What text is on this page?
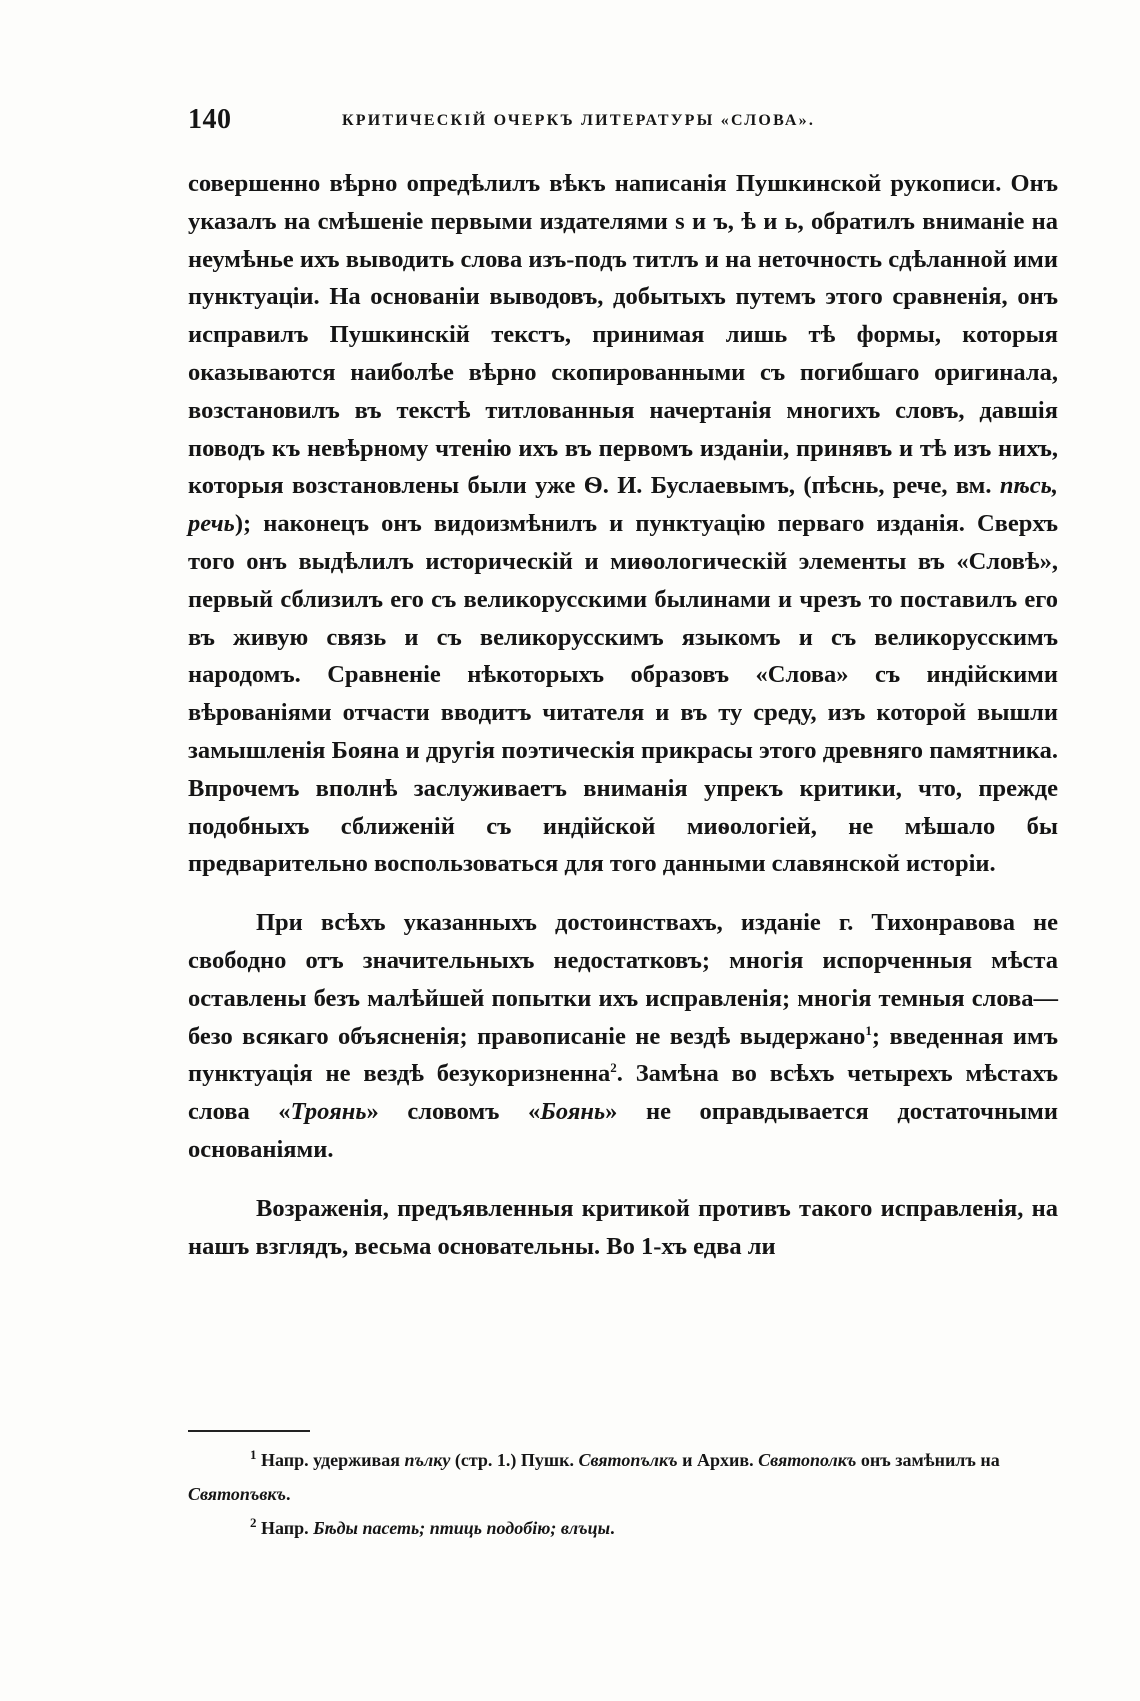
140	КРИТИЧЕСКІЙ ОЧЕРКЪ ЛИТЕРАТУРЫ «СЛОВА».

совершенно вѣрно опредѣлилъ вѣкъ написанія Пушкинской рукописи. Онъ указалъ на смѣшеніе первыми издателями ѕ и ъ, ѣ и ь, обратилъ вниманіе на неумѣнье ихъ выводить слова изъ-подъ титлъ и на неточность сдѣланной ими пунктуаціи. На основаніи выводовъ, добытыхъ путемъ этого сравненія, онъ исправилъ Пушкинскій текстъ, принимая лишь тѣ формы, которыя оказываются наиболѣе вѣрно скопированными съ погибшаго оригинала, возстановилъ въ текстѣ титлованныя начертанія многихъ словъ, давшія поводъ къ невѣрному чтенію ихъ въ первомъ изданіи, принявъ и тѣ изъ нихъ, которыя возстановлены были уже Ѳ. И. Буслаевымъ, (пѣснь, рече, вм. пѣсь, речь); наконецъ онъ видоизмѣнилъ и пунктуацію перваго изданія. Сверхъ того онъ выдѣлилъ историческій и миѳологическій элементы въ «Словѣ», первый сблизилъ его съ великорусскими былинами и чрезъ то поставилъ его въ живую связь и съ великорусскимъ языкомъ и съ великорусскимъ народомъ. Сравненіе нѣкоторыхъ образовъ «Слова» съ индійскими вѣрованіями отчасти вводитъ читателя и въ ту среду, изъ которой вышли замышленія Бояна и другія поэтическія прикрасы этого древняго памятника. Впрочемъ вполнѣ заслуживаетъ вниманія упрекъ критики, что, прежде подобныхъ сближеній съ индійской миѳологіей, не мѣшало бы предварительно воспользоваться для того данными славянской исторіи.

При всѣхъ указанныхъ достоинствахъ, изданіе г. Тихонравова не свободно отъ значительныхъ недостатковъ; многія испорченныя мѣста оставлены безъ малѣйшей попытки ихъ исправленія; многія темныя слова—безо всякаго объясненія; правописаніе не вездѣ выдержано$^1$; введенная имъ пунктуація не вездѣ безукоризненна$^2$. Замѣна во всѣхъ четырехъ мѣстахъ слова «Троянь» словомъ «Боянь» не оправдывается достаточными основаніями.

Возраженія, предъявленныя критикой противъ такого исправленія, на нашъ взглядъ, весьма основательны. Во 1-хъ едва ли

$^1$ Напр. удерживая пълку (стр. 1.) Пушк. Святопълкъ и Архив. Святополкъ онъ замѣнилъ на Святопъвкъ.

$^2$ Напр. Бѣды пасеть; птиць подобію; влъцы.
